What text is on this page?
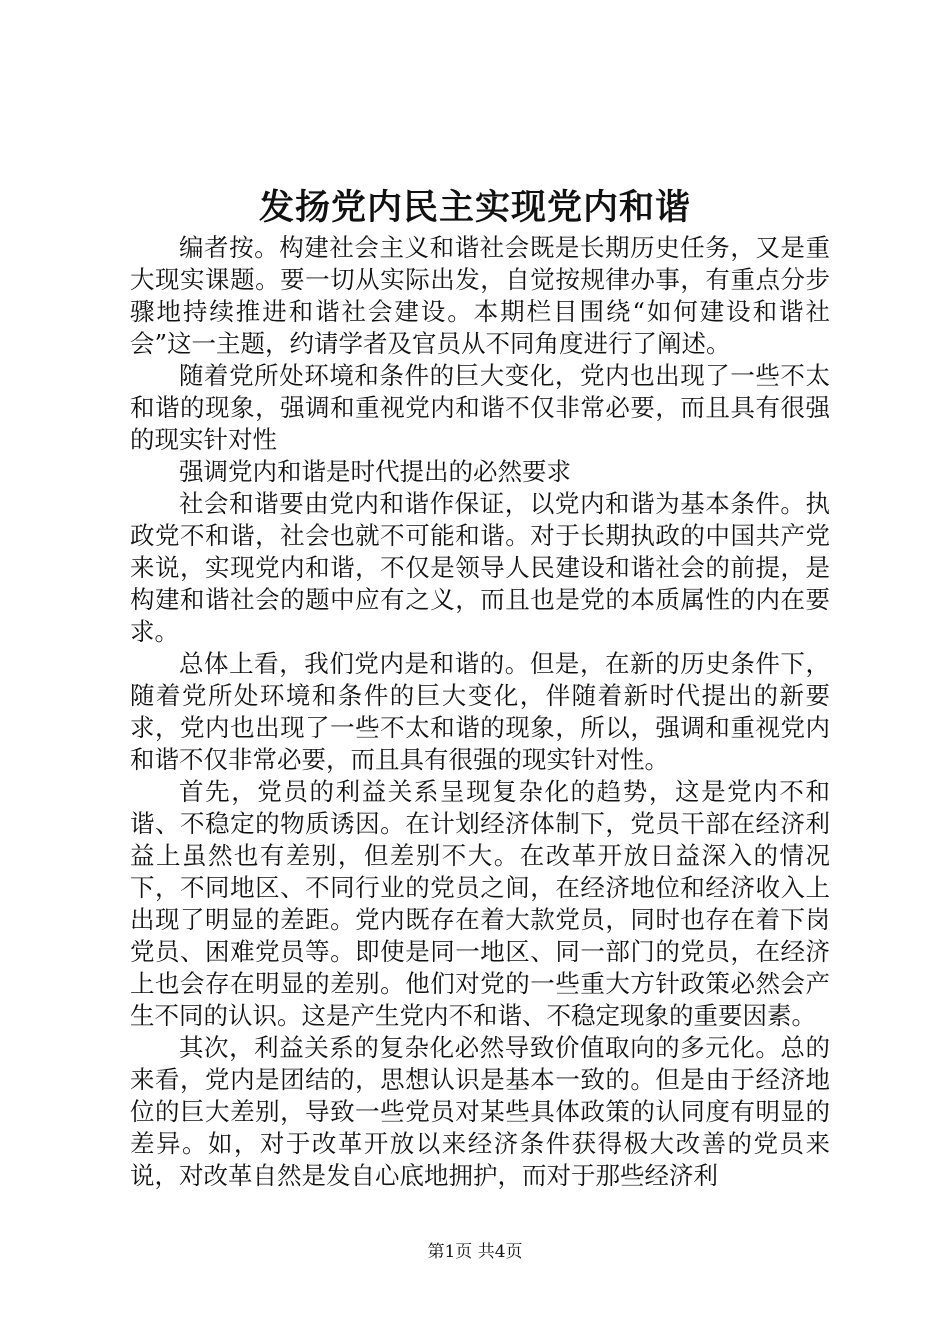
发扬党内民主实现党内和谐

编者按。构建社会主义和谐社会既是长期历史任务，又是重大现实课题。要一切从实际出发，自觉按规律办事，有重点分步骤地持续推进和谐社会建设。本期栏目围绕“如何建设和谐社会”这一主题，约请学者及官员从不同角度进行了阐述。

随着党所处环境和条件的巨大变化，党内也出现了一些不太和谐的现象，强调和重视党内和谐不仅非常必要，而且具有很强的现实针对性

强调党内和谐是时代提出的必然要求

社会和谐要由党内和谐作保证，以党内和谐为基本条件。执政党不和谐，社会也就不可能和谐。对于长期执政的中国共产党来说，实现党内和谐，不仅是领导人民建设和谐社会的前提，是构建和谐社会的题中应有之义，而且也是党的本质属性的内在要求。

总体上看，我们党内是和谐的。但是，在新的历史条件下，随着党所处环境和条件的巨大变化，伴随着新时代提出的新要求，党内也出现了一些不太和谐的现象，所以，强调和重视党内和谐不仅非常必要，而且具有很强的现实针对性。

首先，党员的利益关系呈现复杂化的趋势，这是党内不和谐、不稳定的物质诱因。在计划经济体制下，党员干部在经济利益上虽然也有差别，但差别不大。在改革开放日益深入的情况下，不同地区、不同行业的党员之间，在经济地位和经济收入上出现了明显的差距。党内既存在着大款党员，同时也存在着下岗党员、困难党员等。即使是同一地区、同一部门的党员，在经济上也会存在明显的差别。他们对党的一些重大方针政策必然会产生不同的认识。这是产生党内不和谐、不稳定现象的重要因素。

其次，利益关系的复杂化必然导致价值取向的多元化。总的来看，党内是团结的，思想认识是基本一致的。但是由于经济地位的巨大差别，导致一些党员对某些具体政策的认同度有明显的差异。如，对于改革开放以来经济条件获得极大改善的党员来说，对改革自然是发自心底地拥护，而对于那些经济利

第1页 共4页
